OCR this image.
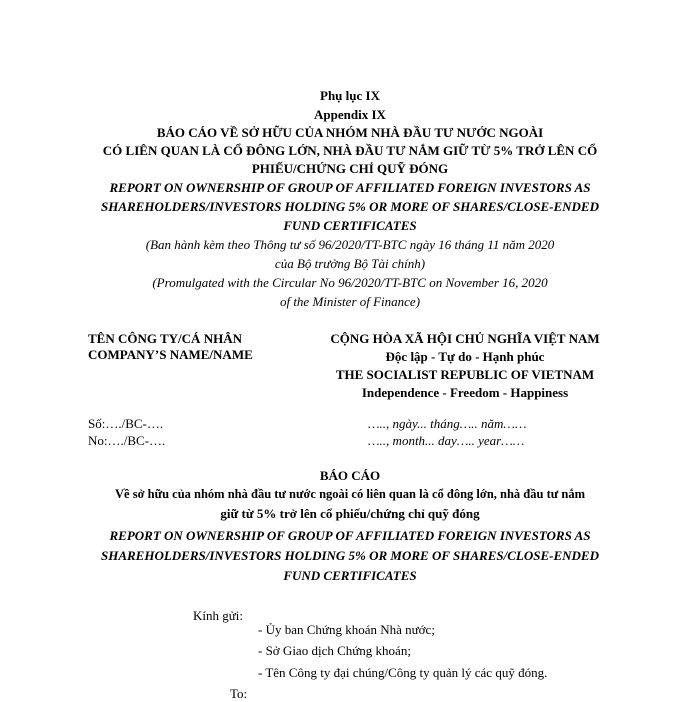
Phụ lục IX
Appendix IX
BÁO CÁO VỀ SỞ HỮU CỦA NHÓM NHÀ ĐẦU TƯ NƯỚC NGOÀI
CÓ LIÊN QUAN LÀ CỔ ĐÔNG LỚN, NHÀ ĐẦU TƯ NẮM GIỮ TỪ 5% TRỞ LÊN CỔ
PHIẾU/CHỨNG CHỈ QUỸ ĐÓNG
REPORT ON OWNERSHIP OF GROUP OF AFFILIATED FOREIGN INVESTORS AS
SHAREHOLDERS/INVESTORS HOLDING 5% OR MORE OF SHARES/CLOSE-ENDED
FUND CERTIFICATES
(Ban hành kèm theo Thông tư số 96/2020/TT-BTC ngày 16 tháng 11 năm 2020
của Bộ trưởng Bộ Tài chính)
(Promulgated with the Circular No 96/2020/TT-BTC on November 16, 2020
of the Minister of Finance)
TÊN CÔNG TY/CÁ NHÂN
COMPANY’S NAME/NAME
CỘNG HÒA XÃ HỘI CHỦ NGHĨA VIỆT NAM
Độc lập - Tự do - Hạnh phúc
THE SOCIALIST REPUBLIC OF VIETNAM
Independence - Freedom - Happiness
Số:…./BC-….
No:…./BC-….
….., ngày... tháng….. năm……
….., month... day….. year……
BÁO CÁO
Về sở hữu của nhóm nhà đầu tư nước ngoài có liên quan là cổ đông lớn, nhà đầu tư nắm
giữ từ 5% trở lên cổ phiếu/chứng chỉ quỹ đóng
REPORT ON OWNERSHIP OF GROUP OF AFFILIATED FOREIGN INVESTORS AS
SHAREHOLDERS/INVESTORS HOLDING 5% OR MORE OF SHARES/CLOSE-ENDED
FUND CERTIFICATES
Kính gửi:
- Ủy ban Chứng khoán Nhà nước;
- Sở Giao dịch Chứng khoán;
- Tên Công ty đại chúng/Công ty quản lý các quỹ đóng.
To:
